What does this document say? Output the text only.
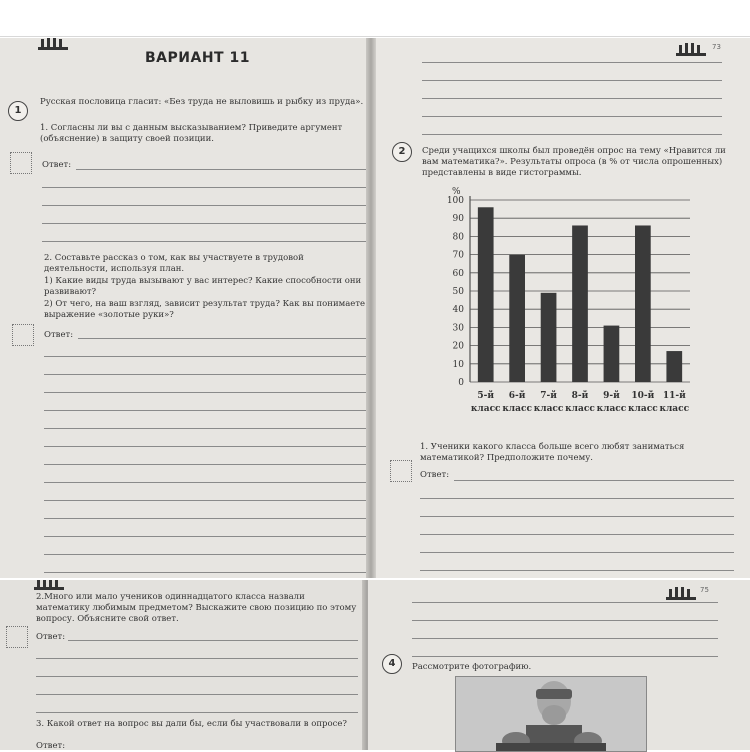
ВАРИАНТ 11
1
Русская пословица гласит: «Без труда не выловишь и рыбку из пруда».
1. Согласны ли вы с данным высказыванием? Приведите аргумент (объяснение) в защиту своей позиции.
Ответ:
2. Составьте рассказ о том, как вы участвуете в трудовой деятельности, используя план.
1) Какие виды труда вызывают у вас интерес? Какие способности они развивают?
2) От чего, на ваш взгляд, зависит результат труда? Как вы понимаете выражение «золотые руки»?
Ответ:
73
2	Среди учащихся школы был проведён опрос на тему «Нравится ли вам математика?». Результаты опроса (в % от числа опрошенных) представлены в виде гистограммы.
%
0
10
20
30
40
50
60
70
80
90
100
5-й
класс
6-й
класс
7-й
класс
8-й
класс
9-й
класс
10-й
класс
11-й
класс
1. Ученики какого класса больше всего любят заниматься математикой? Предположите почему.
Ответ:
2.Много или мало учеников одиннадцатого класса назвали математику любимым предметом? Выскажите свою позицию по этому вопросу. Объясните свой ответ.
Ответ:
3. Какой ответ на вопрос вы дали бы, если бы участвовали в опросе?
Ответ:
75
4	Рассмотрите фотографию.
